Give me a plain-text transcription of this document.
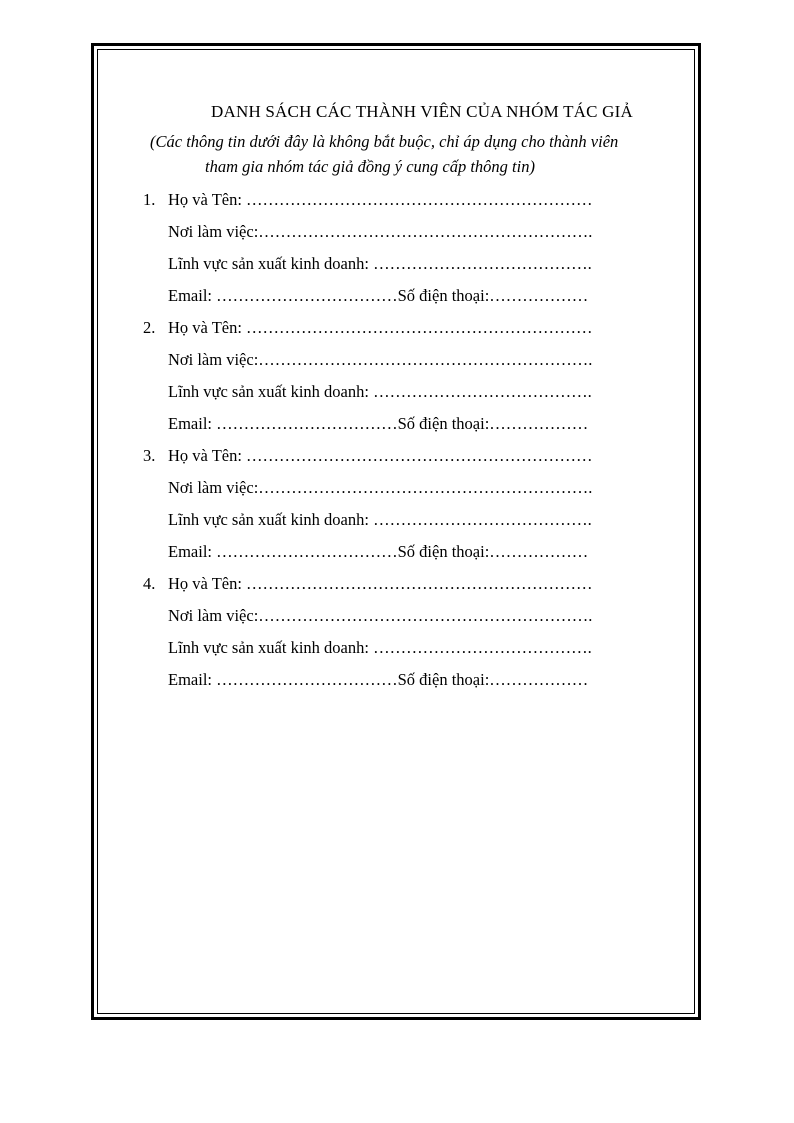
DANH SÁCH CÁC THÀNH VIÊN CỦA NHÓM TÁC GIẢ
(Các thông tin dưới đây là không bắt buộc, chỉ áp dụng cho thành viên
tham gia nhóm tác giả đồng ý cung cấp thông tin)
1. Họ và Tên: ………………………………………………………
Nơi làm việc:…………………………………………………….
Lĩnh vực sản xuất kinh doanh: ………………………………….
Email: ……………………………Số điện thoại:………………
2. Họ và Tên: ………………………………………………………
Nơi làm việc:…………………………………………………….
Lĩnh vực sản xuất kinh doanh: ………………………………….
Email: ……………………………Số điện thoại:………………
3. Họ và Tên: ………………………………………………………
Nơi làm việc:…………………………………………………….
Lĩnh vực sản xuất kinh doanh: ………………………………….
Email: ……………………………Số điện thoại:………………
4. Họ và Tên: ………………………………………………………
Nơi làm việc:…………………………………………………….
Lĩnh vực sản xuất kinh doanh: ………………………………….
Email: ……………………………Số điện thoại:………………
